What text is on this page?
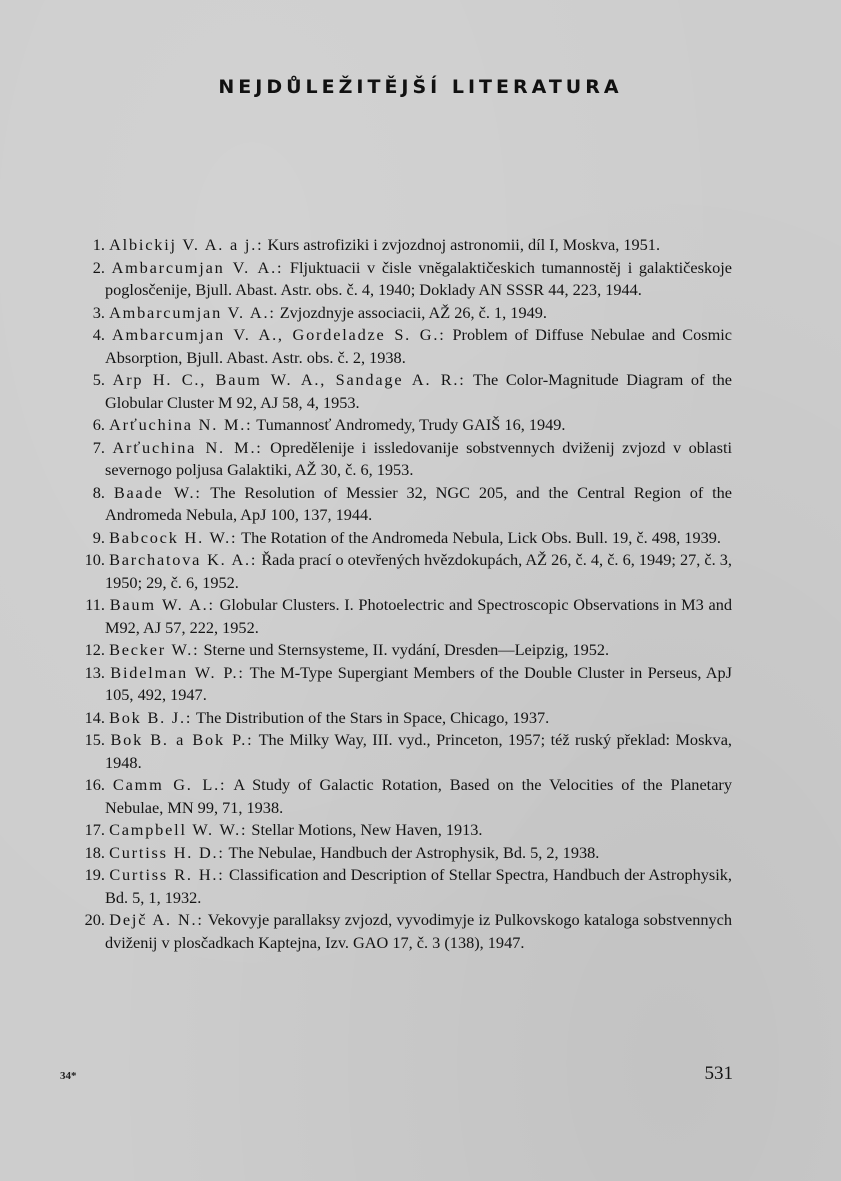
NEJDŮLEŽITĚJŠÍ LITERATURA
1. Albickij V. A. a j.: Kurs astrofiziki i zvjozdnoj astronomii, díl I, Moskva, 1951.
2. Ambarcumjan V. A.: Fljuktuacii v čisle vnĕgalaktičeskich tumannostĕj i galaktičeskoje poglosčenije, Bjull. Abast. Astr. obs. č. 4, 1940; Doklady AN SSSR 44, 223, 1944.
3. Ambarcumjan V. A.: Zvjozdnyje associacii, AŽ 26, č. 1, 1949.
4. Ambarcumjan V. A., Gordeladze S. G.: Problem of Diffuse Nebulae and Cosmic Absorption, Bjull. Abast. Astr. obs. č. 2, 1938.
5. Arp H. C., Baum W. A., Sandage A. R.: The Color-Magnitude Diagram of the Globular Cluster M 92, AJ 58, 4, 1953.
6. Arťuchina N. M.: Tumannosť Andromedy, Trudy GAIŠ 16, 1949.
7. Arťuchina N. M.: Opredělenije i issledovanije sobstvennych dviženij zvjozd v oblasti severnogo poljusa Galaktiki, AŽ 30, č. 6, 1953.
8. Baade W.: The Resolution of Messier 32, NGC 205, and the Central Region of the Andromeda Nebula, ApJ 100, 137, 1944.
9. Babcock H. W.: The Rotation of the Andromeda Nebula, Lick Obs. Bull. 19, č. 498, 1939.
10. Barchatova K. A.: Řada prací o otevřených hvězdokupách, AŽ 26, č. 4, č. 6, 1949; 27, č. 3, 1950; 29, č. 6, 1952.
11. Baum W. A.: Globular Clusters. I. Photoelectric and Spectroscopic Observations in M3 and M92, AJ 57, 222, 1952.
12. Becker W.: Sterne und Sternsysteme, II. vydání, Dresden—Leipzig, 1952.
13. Bidelman W. P.: The M-Type Supergiant Members of the Double Cluster in Perseus, ApJ 105, 492, 1947.
14. Bok B. J.: The Distribution of the Stars in Space, Chicago, 1937.
15. Bok B. a Bok P.: The Milky Way, III. vyd., Princeton, 1957; též ruský překlad: Moskva, 1948.
16. Camm G. L.: A Study of Galactic Rotation, Based on the Velocities of the Planetary Nebulae, MN 99, 71, 1938.
17. Campbell W. W.: Stellar Motions, New Haven, 1913.
18. Curtiss H. D.: The Nebulae, Handbuch der Astrophysik, Bd. 5, 2, 1938.
19. Curtiss R. H.: Classification and Description of Stellar Spectra, Handbuch der Astrophysik, Bd. 5, 1, 1932.
20. Dejč A. N.: Vekovyje parallaksy zvjozd, vyvodimyje iz Pulkovskogo kataloga sobstvennych dviženij v plosčadkach Kaptejna, Izv. GAO 17, č. 3 (138), 1947.
34*	531
